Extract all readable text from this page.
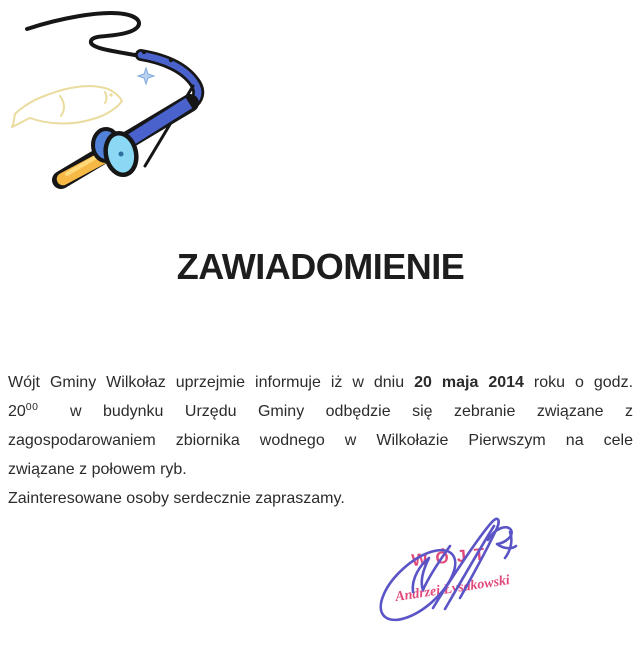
ZAWIADOMIENIE
Wójt Gminy Wilkołaz uprzejmie informuje iż w dniu 20 maja 2014 roku o godz.
$20^{00}$ w budynku Urzędu Gminy odbędzie się zebranie związane z
zagospodarowaniem zbiornika wodnego w Wilkołazie Pierwszym na cele
związane z połowem ryb.
Zainteresowane osoby serdecznie zapraszamy.
WÓJT
Andrzej Łysakowski
